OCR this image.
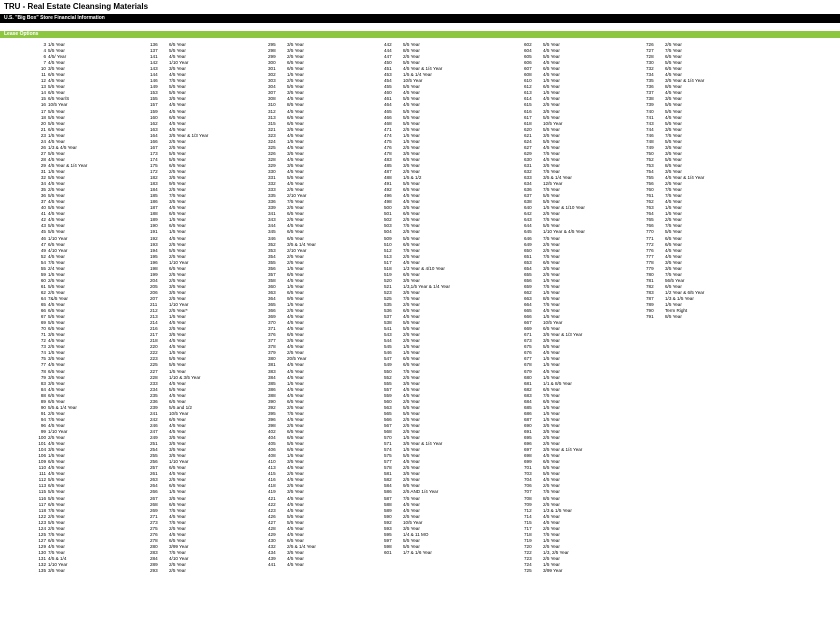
TRU - Real Estate Cleansing Materials
U.S. "Big Box" Store Financial Information
Lease Options
3 1/5 Year
4 5/5 Year
6 4/5/ Year
7 4/5 Year
10 3/5 Year
11 6/5 Year
12 4/5 Year
13 5/5 Year
14 6/5 Year
15 6/5 Year/S
16 10/5 Year
17 5/5 Year
18 5/5 Year
20 5/5 Year
21 6/5 Year
23 1/5 Year
24 4/5 Year
26 1/3 & 4/5 Year
27 5/5 Year
28 4/5 Year
29 4/5 Year & 1/4 Year
31 1/5 Year
32 5/5 Year
34 4/5 Year
35 2/5 Year
36 5/5 Year
37 4/5 Year
40 5/5 Year
41 4/5 Year
42 4/5 Year
43 5/5 Year
45 5/5 Year
46 1/10 Year
47 6/5 Year
49 4/10 Year
52 4/5 Year
54 7/5 Year
55 2/4 Year
59 1/5 Year
60 2/5 Year
61 5/5 Year
62 2/5 Year
64 7&/5 Year
65 4/5 Year
66 6/5 Year
67 5/5 Year
69 5/5 Year
70 6/5 Year
71 3/5 Year
72 4/5 Year
73 2/5 Year
74 1/5 Year
75 3/5 Year
77 4/5 Year
78 6/5 Year
79 3/5 Year
83 3/5 Year
84 4/5 Year
88 6/5 Year
89 6/5 Year
90 5/5 & 1/4 Year
91 2/5 Year
94 7/5 Year
96 4/5 Year
99 1/10 Year
100 2/5 Year
101 4/5 Year
104 3/5 Year
106 1/5 Year
109 6/5 Year
110 4/5 Year
111 4/5 Year
112 5/5 Year
113 6/5 Year
115 5/5 Year
116 5/5 Year
117 6/5 Year
118 7/5 Year
122 2/5 Year
123 5/5 Year
124 2/5 Year
125 7/5 Year
127 6/5 Year
129 4/5 Year
130 7/5 Year
131 4/5 & 1/4
132 1/10 Year
135 3/5 Year
136	6/5 Year
137	5/5 Year
141	4/5 Year
142	1/10 Year
143	3/5 Year
144	4/5 Year
146	7/5 Year
149	5/5 Year
153	5/5 Year
155	3/5 Year
157	4/5 Year
159	4/5 Year
160	6/5 Year
162	4/5 Year
163	4/5 Year
164	3/5 Year & 1/3 Year
166	2/5 Year
167	2/5 Year
173	5/5 Year
174	5/5 Year
175	6/5 Year
172	2/5 Year
182	3/5 Year
183	9/5 Year
184	2/5 Year
185	7/5 Year
186	3/5 Year
187	4/5 Year
188	6/5 Year
189	1/5 Year
190	6/5 Year
191	1/5 Year
192	4/5 Year
193	2/5 Year
194	5/5 Year
195	2/5 Year
196	1/10 Year
198	6/5 Year
199	2/5 Year
204	2/5 Year
205	3/5 Year
206	3/5 Year
207	2/5 Year
211	1/10 Year
212	2/5 Year*
213	1/5 Year
214	4/5 Year
216	2/5 Year
217	3/5 Year
218	4/5 Year
220	4/5 Year
222	1/5 Year
223	5/5 Year
225	5/5 Year
227	1/5 Year
228	1/10 & 3/5 Year
233	4/5 Year
234	5/5 Year
235	4/5 Year
236	6/5 Year
239	5/5 and 1/2
241	10/5 Year
242	6/5 Year
246	4/5 Year
247	4/5 Year
249	3/5 Year
251	3/5 Year
254	3/5 Year
255	3/5 Year
256	1/10 Year
257	6/5 Year
261	4/5 Year
263	2/5 Year
264	6/5 Year
266	1/5 Year
267	3/5 Year
268	6/5 Year
269	7/5 Year
271	4/5 Year
273	7/5 Year
275	2/5 Year
276	4/5 Year
278	6/5 Year
280	3/99 Year
283	7/5 Year
284	4/10 Year
289	2/5 Year
293	2/5 Year
295	3/5 Year
298	3/5 Year
299	2/5 Year
300	6/5 Year
301	6/5 Year
302	1/5 Year
303	2/5 Year
304	5/5 Year
307	3/5 Year
308	4/5 Year
310	8/5 Year
312	4/5 Year
313	6/5 Year
315	6/5 Year
321	3/5 Year
323	4/5 Year
324	1/5 Year
325	4/5 Year
326	3/5 Year
328	4/5 Year
329	3/5 Year
330	4/5 Year
331	5/5 Year
332	4/5 Year
333	2/5 Year
335	2/10 Year
336	7/5 Year
339	2/5 Year
341	6/5 Year
343	2/5 Year
344	4/5 Year
345	6/5 Year
346	6/5 Year
352	3/5 & 1/4 Year
353	2/10 Year
354	2/5 Year
355	2/5 Year
356	1/5 Year
357	6/5 Year
358	4/5 Year
360	1/5 Year
363	6/5 Year
364	9/5 Year
365	1/5 Year
366	2/5 Year
369	4/5 Year
370	4/5 Year
371	4/5 Year
376	6/5 Year
377	3/5 Year
378	4/5 Year
379	2/5 Year
380	20/5 Year
381	4/5 Year
383	4/5 Year
384	4/5 Year
385	1/5 Year
386	4/5 Year
388	4/5 Year
390	6/5 Year
392	2/5 Year
395	7/5 Year
396	4/5 Year
398	2/5 Year
402	6/5 Year
404	6/5 Year
405	5/5 Year
406	6/5 Year
408	1/5 Year
410	3/5 Year
413	4/5 Year
415	2/5 Year
416	4/5 Year
418	2/5 Year
419	3/5 Year
421	4/5 Year
422	4/5 Year
423	4/5 Year
426	5/5 Year
427	5/5 Year
428	4/5 Year
429	4/5 Year
430	6/5 Year
432	2/5 & 1/4 Year
434	3/5 Year
439	4/5 Year
441	4/5 Year
442	5/5 Year
444	8/5 Year
447	2/5 Year
450	5/5 Year
451	4/5 Year & 1/4 Year
453	1/5 & 1/4 Year
454	10/5 Year
455	5/5 Year
460	4/5 Year
461	5/5 Year
464	4/5 Year
465	5/5 Year
466	5/5 Year
468	5/5 Year
471	2/5 Year
474	1/5 Year
475	1/5 Year
476	2/5 Year
478	3/5 Year
483	6/5 Year
485	3/5 Year
487	2/5 Year
488	1/5 & 1/2
491	5/5 Year
492	6/5 Year
496	4/5 Year
498	4/5 Year
500	3/5 Year
501	6/5 Year
502	2/5 Year
503	7/5 Year
504	2/5 Year
509	5/5 Year
510	6/5 Year
512	7/5 Year
513	2/5 Year
517	4/5 Year
518	1/3 Year & 4/10 Year
519	6/5 Year
520	3/5 Year
521	1/3,1/5 Year & 1/4 Year
523	3/5 Year
525	7/5 Year
535	2/5 Year
536	6/5 Year
537	4/5 Year
538	5/5 Year
541	5/5 Year
543	2/5 Year
544	2/5 Year
545	1/5 Year
546	1/5 Year
547	6/5 Year
549	6/5 Year
550	7/5 Year
552	2/5 Year
555	3/5 Year
557	4/5 Year
559	4/5 Year
560	2/5 Year
563	5/5 Year
565	5/5 Year
566	2/5 Year
567	2/5 Year
568	2/5 Year
570	1/5 Year
571	3/5 Year & 1/4 Year
574	1/5 Year
575	5/5 Year
577	4/5 Year
578	2/5 Year
581	3/5 Year
582	2/5 Year
584	9/5 Year
586	2/5 AND 1/4 Year
587	7/5 Year
588	4/5 Year
589	4/5 Year
590	2/5 Year
592	10/5 Year
593	3/5 Year
595	1/4 & 11 MO
597	5/5 Year
598	5/5 Year
601	1/7 & 1/6 Year
602	5/5 Year
604	4/5 Year
605	5/5 Year
606	4/5 Year
607	6/5 Year
608	4/5 Year
610	1/5 Year
612	6/5 Year
613	1/5 Year
614	4/5 Year
615	2/5 Year
616	3/5 Year
617	5/5 Year
618	10/5 Year
620	5/5 Year
621	3/5 Year
624	5/5 Year
627	4/5 Year
629	7/5 Year
630	4/5 Year
631	3/5 Year
632	7/5 Year
633	3/5 & 1/4 Year
634	12/5 Year
636	7/5 Year
637	5/5 Year
638	5/5 Year
640	1/5 Year & 1/10 Year
642	2/5 Year
643	7/5 Year
644	5/5 Year
645	1/10 Year & 4/5 Year
646	7/5 Year
649	2/5 Year
650	2/5 Year
651	7/5 Year
653	6/5 Year
654	3/5 Year
655	2/5 Year
656	1/5 Year
659	7/5 Year
662	1/5 Year
663	8/5 Year
664	7/5 Year
665	4/5 Year
666	1/5 Year
667	10/5 Year
669	6/5 Year
671	3/5 Year & 1/3 Year
673	3/5 Year
675	5/5 Year
676	4/5 Year
677	1/5 Year
678	1/5 Year
679	4/5 Year
680	1/5 Year
681	1/1 & 8/5 Year
682	6/5 Year
683	7/5 Year
684	6/5 Year
685	1/5 Year
686	1/5 Year
687	1/5 Year
690	3/5 Year
691	3/5 Year
695	2/5 Year
696	2/5 Year
697	3/5 Year & 1/4 Year
698	4/5 Year
699	6/5 Year
701	5/5 Year
703	5/5 Year
704	4/5 Year
706	2/5 Year
707	7/5 Year
708	8/5 Year
709	2/5 Year
712	1/3 & 1/5 Year
714	4/5 Year
715	4/5 Year
717	2/5 Year
718	7/5 Year
719	1/5 Year
720	2/5 Year
722	1/3, 2/5 Year
723	2/5 Year
724	1/5 Year
725	3/99 Year
726	2/5 Year
727	7/5 Year
728	6/5 Year
730	5/5 Year
732	6/5 Year
734	4/5 Year
735	3/5 Year & 1/4 Year
736	8/5 Year
737	4/5 Year
738	3/5 Year
739	5/5 Year
740	5/5 Year
741	4/5 Year
743	5/5 Year
744	3/5 Year
746	7/5 Year
748	5/5 Year
749	3/5 Year
750	3/5 Year
752	5/5 Year
753	8/5 Year
754	3/5 Year
755	4/5 Year & 1/4 Year
756	2/5 Year
760	7/5 Year
761	7/5 Year
762	4/5 Year
763	1/5 Year
764	1/5 Year
765	2/5 Year
766	7/5 Year
770	5/5 Year
771	6/5 Year
772	6/5 Year
776	4/5 Year
777	4/5 Year
778	3/5 Year
779	3/5 Year
780	7/5 Year
781	56/5 Year
782	6/5 Year
783	1/2 Year & 6/5 Year
787	1/3 & 1/5 Year
789	1/5 Year
790	Term Right
791	8/5 Year
